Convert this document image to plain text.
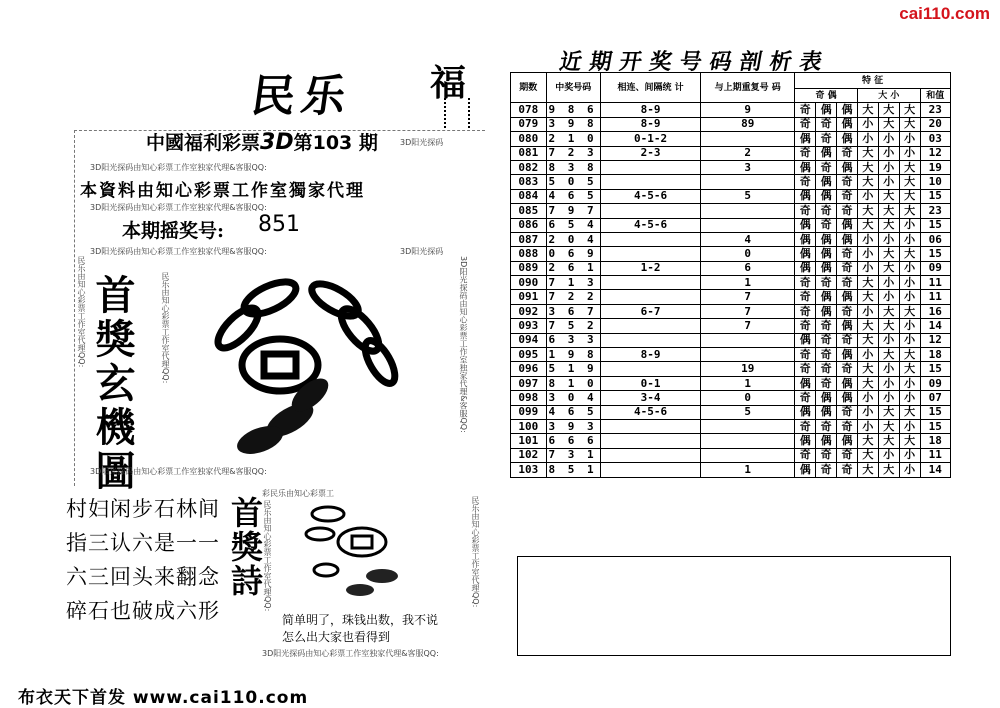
cai110.com
民乐 福
中國福利彩票3D第103 期
3D阳光探码由知心彩票工作室独家代理&客服QQ:
3D阳光探码
本資料由知心彩票工作室獨家代理
3D阳光探码由知心彩票工作室独家代理&客服QQ:
本期摇奖号: 851
3D阳光探码由知心彩票工作室独家代理&客服QQ:	3D阳光探码
民乐由知心彩票工作室代理QQ:	3D阳光探码由知心彩票工作室独家代理&客服QQ:
民乐由知心彩票工作室代理QQ:
首獎玄機圖
3D阳光探码由知心彩票工作室独家代理&客服QQ:
村妇闲步石林间
指三认六是一一
六三回头来翻念
碎石也破成六形
首獎詩
彩民乐由知心彩票工
民乐由知心彩票工作室代理QQ:	民乐由知心彩票工作室代理QQ:
简单明了，珠钱出数，我不说
怎么出大家也看得到
3D阳光探码由知心彩票工作室独家代理&客服QQ:
布衣天下首发 www.cai110.com
近期开奖号码剖析表
期数	中奖号码	相连、间隔统 计	与上期重复号 码	特 征						
				奇 偶			大 小			和值
078	9 8 6	8-9	9	奇	偶	偶	大	大	大	23
079	3 9 8	8-9	89	奇	奇	偶	小	大	大	20
080	2 1 0	0-1-2		偶	奇	偶	小	小	小	03
081	7 2 3	2-3	2	奇	偶	奇	大	小	小	12
082	8 3 8		3	偶	奇	偶	大	小	大	19
083	5 0 5			奇	偶	奇	大	小	大	10
084	4 6 5	4-5-6	5	偶	偶	奇	小	大	大	15
085	7 9 7			奇	奇	奇	大	大	大	23
086	6 5 4	4-5-6		偶	奇	偶	大	大	小	15
087	2 0 4		4	偶	偶	偶	小	小	小	06
088	0 6 9		0	偶	偶	奇	小	大	大	15
089	2 6 1	1-2	6	偶	偶	奇	小	大	小	09
090	7 1 3		1	奇	奇	奇	大	小	小	11
091	7 2 2		7	奇	偶	偶	大	小	小	11
092	3 6 7	6-7	7	奇	偶	奇	小	大	大	16
093	7 5 2		7	奇	奇	偶	大	大	小	14
094	6 3 3			偶	奇	奇	大	小	小	12
095	1 9 8	8-9		奇	奇	偶	小	大	大	18
096	5 1 9		19	奇	奇	奇	大	小	大	15
097	8 1 0	0-1	1	偶	奇	偶	大	小	小	09
098	3 0 4	3-4	0	奇	偶	偶	小	小	小	07
099	4 6 5	4-5-6	5	偶	偶	奇	小	大	大	15
100	3 9 3			奇	奇	奇	小	大	小	15
101	6 6 6			偶	偶	偶	大	大	大	18
102	7 3 1			奇	奇	奇	大	小	小	11
103	8 5 1		1	偶	奇	奇	大	大	小	14
